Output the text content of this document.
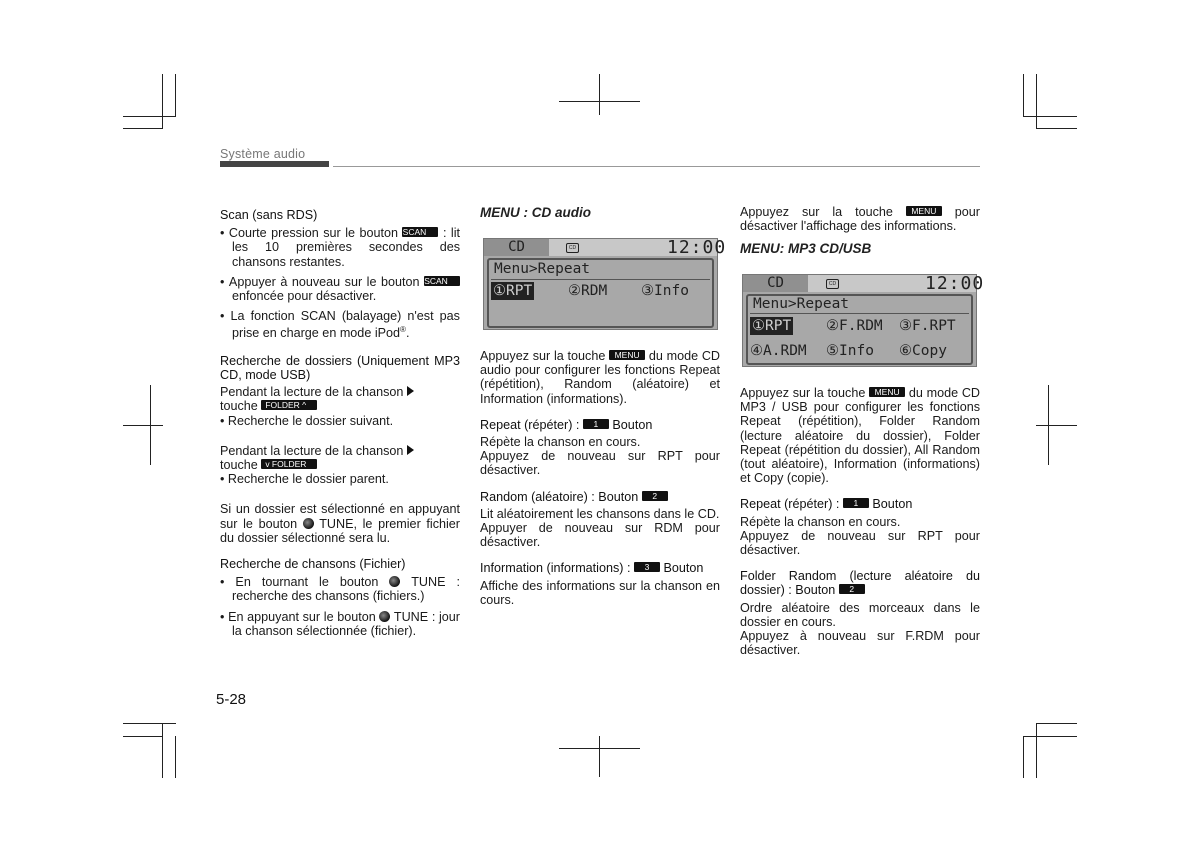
Système audio

Scan (sans RDS)

• Courte pression sur le bouton SCAN : lit les 10 premières secondes des chansons restantes.

• Appuyer à nouveau sur le bouton SCAN enfoncée pour désactiver.

• La fonction SCAN (balayage) n'est pas prise en charge en mode iPod®.

Recherche de dossiers (Uniquement MP3 CD, mode USB)

Pendant la lecture de la chanson
touche FOLDER ^

• Recherche le dossier suivant.

Pendant la lecture de la chanson
touche v FOLDER

• Recherche le dossier parent.

Si un dossier est sélectionné en appuyant sur le bouton TUNE, le premier fichier du dossier sélectionné sera lu.

Recherche de chansons (Fichier)

• En tournant le bouton	TUNE : recherche des chansons (fichiers.)

• En appuyant sur le bouton TUNE : jour la chanson sélectionnée (fichier).

MENU : CD audio

CD	CD	12:00
Menu>Repeat
①RPT ②RDM ③Info

Appuyez sur la touche MENU du mode CD audio pour configurer les fonctions Repeat (répétition), Random (aléatoire) et Information (informations).

Repeat (répéter) : 1 Bouton

Répète la chanson en cours.

Appuyez de nouveau sur RPT pour désactiver.

Random (aléatoire) : Bouton 2

Lit aléatoirement les chansons dans le CD.

Appuyer de nouveau sur RDM pour désactiver.

Information (informations) : 3 Bouton

Affiche des informations sur la chanson en cours.

Appuyez sur la touche MENU pour désactiver l'affichage des informations.

MENU: MP3 CD/USB

CD	CD	12:00
Menu>Repeat
①RPT ②F.RDM ③F.RPT
④A.RDM ⑤Info ⑥Copy

Appuyez sur la touche MENU du mode CD MP3 / USB pour configurer les fonctions Repeat (répétition), Folder Random (lecture aléatoire du dossier), Folder Repeat (répétition du dossier), All Random (tout aléatoire), Information (informations) et Copy (copie).

Repeat (répéter) : 1 Bouton

Répète la chanson en cours.

Appuyez de nouveau sur RPT pour désactiver.

Folder Random (lecture aléatoire du dossier) : Bouton 2

Ordre aléatoire des morceaux dans le dossier en cours.

Appuyez à nouveau sur F.RDM pour désactiver.

5-28
